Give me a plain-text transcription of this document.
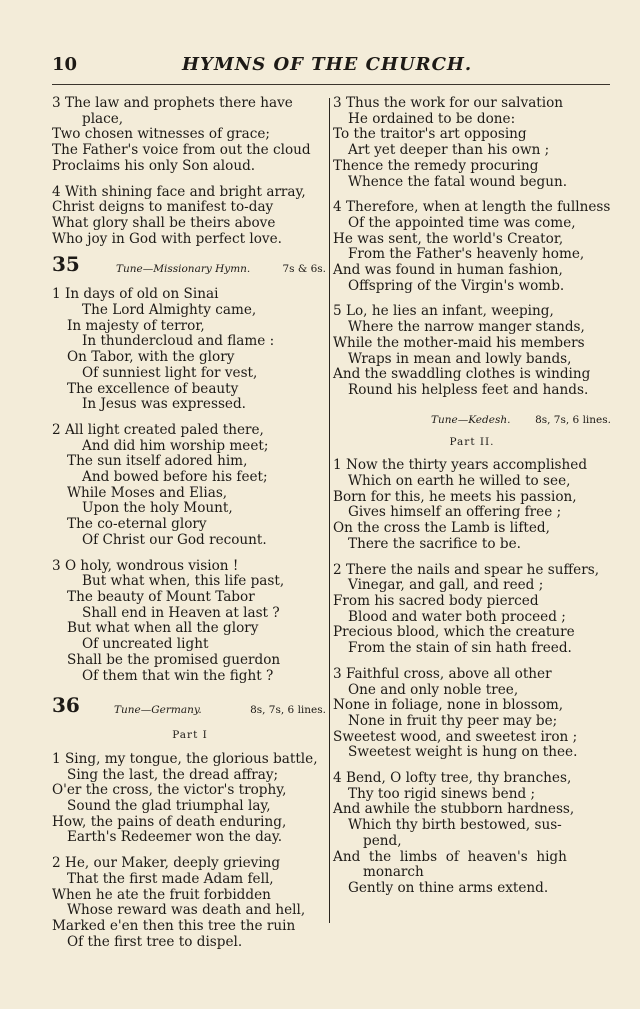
10	HYMNS OF THE CHURCH.
3 The law and prophets there have
place,
Two chosen witnesses of grace;
The Father's voice from out the cloud
Proclaims his only Son aloud.
4 With shining face and bright array,
Christ deigns to manifest to-day
What glory shall be theirs above
Who joy in God with perfect love.
35	Tune—Missionary Hymn.	7s & 6s.
1 In days of old on Sinai
The Lord Almighty came,
In majesty of terror,
In thundercloud and flame :
On Tabor, with the glory
Of sunniest light for vest,
The excellence of beauty
In Jesus was expressed.
2 All light created paled there,
And did him worship meet;
The sun itself adored him,
And bowed before his feet;
While Moses and Elias,
Upon the holy Mount,
The co-eternal glory
Of Christ our God recount.
3 O holy, wondrous vision !
But what when, this life past,
The beauty of Mount Tabor
Shall end in Heaven at last ?
But what when all the glory
Of uncreated light
Shall be the promised guerdon
Of them that win the fight ?
36	Tune—Germany.	8s, 7s, 6 lines.
Part I
1 Sing, my tongue, the glorious battle,
Sing the last, the dread affray;
O'er the cross, the victor's trophy,
Sound the glad triumphal lay,
How, the pains of death enduring,
Earth's Redeemer won the day.
2 He, our Maker, deeply grieving
That the first made Adam fell,
When he ate the fruit forbidden
Whose reward was death and hell,
Marked e'en then this tree the ruin
Of the first tree to dispel.
3 Thus the work for our salvation
He ordained to be done:
To the traitor's art opposing
Art yet deeper than his own ;
Thence the remedy procuring
Whence the fatal wound begun.
4 Therefore, when at length the fullness
Of the appointed time was come,
He was sent, the world's Creator,
From the Father's heavenly home,
And was found in human fashion,
Offspring of the Virgin's womb.
5 Lo, he lies an infant, weeping,
Where the narrow manger stands,
While the mother-maid his members
Wraps in mean and lowly bands,
And the swaddling clothes is winding
Round his helpless feet and hands.
Tune—Kedesh. 8s, 7s, 6 lines.
Part II.
1 Now the thirty years accomplished
Which on earth he willed to see,
Born for this, he meets his passion,
Gives himself an offering free ;
On the cross the Lamb is lifted,
There the sacrifice to be.
2 There the nails and spear he suffers,
Vinegar, and gall, and reed ;
From his sacred body pierced
Blood and water both proceed ;
Precious blood, which the creature
From the stain of sin hath freed.
3 Faithful cross, above all other
One and only noble tree,
None in foliage, none in blossom,
None in fruit thy peer may be;
Sweetest wood, and sweetest iron ;
Sweetest weight is hung on thee.
4 Bend, O lofty tree, thy branches,
Thy too rigid sinews bend ;
And awhile the stubborn hardness,
Which thy birth bestowed, sus-
pend,
And  the  limbs  of  heaven's  high
monarch
Gently on thine arms extend.
